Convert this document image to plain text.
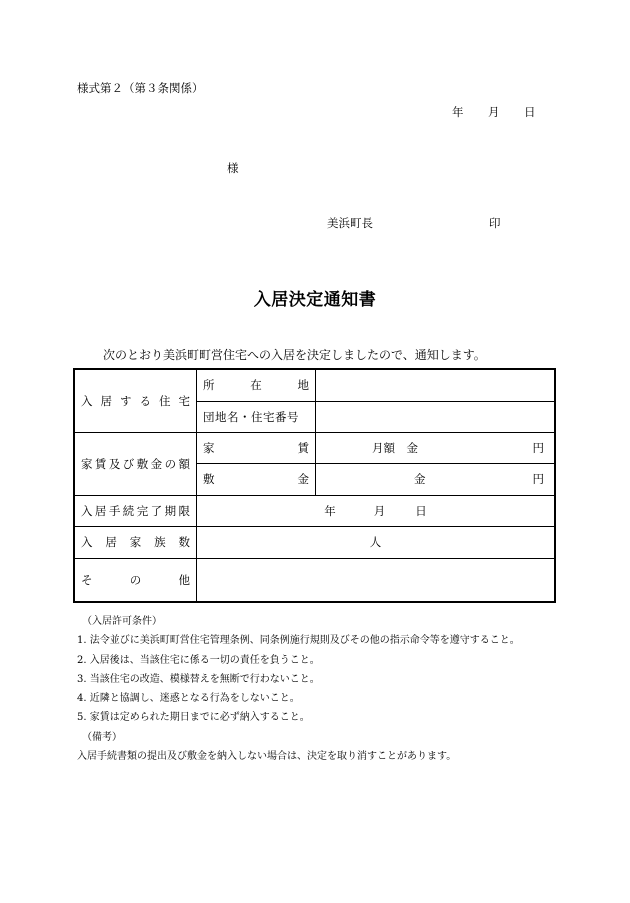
様式第２（第３条関係）
年 月 日
様
美浜町長	印
入居決定通知書
次のとおり美浜町町営住宅への入居を決定しましたので、通知します。
入居する住宅	所在地	
	団地名・住宅番号	
家賃及び敷金の額	家賃	月額　金 円

	敷金	金 円

入居手続完了期限	年 月 日	
入居家族数	人	
その他		
（入居許可条件）
1. 法令並びに美浜町町営住宅管理条例、同条例施行規則及びその他の指示命令等を遵守すること。
2. 入居後は、当該住宅に係る一切の責任を負うこと。
3. 当該住宅の改造、模様替えを無断で行わないこと。
4. 近隣と協調し、迷惑となる行為をしないこと。
5. 家賃は定められた期日までに必ず納入すること。
（備考）
入居手続書類の提出及び敷金を納入しない場合は、決定を取り消すことがあります。
